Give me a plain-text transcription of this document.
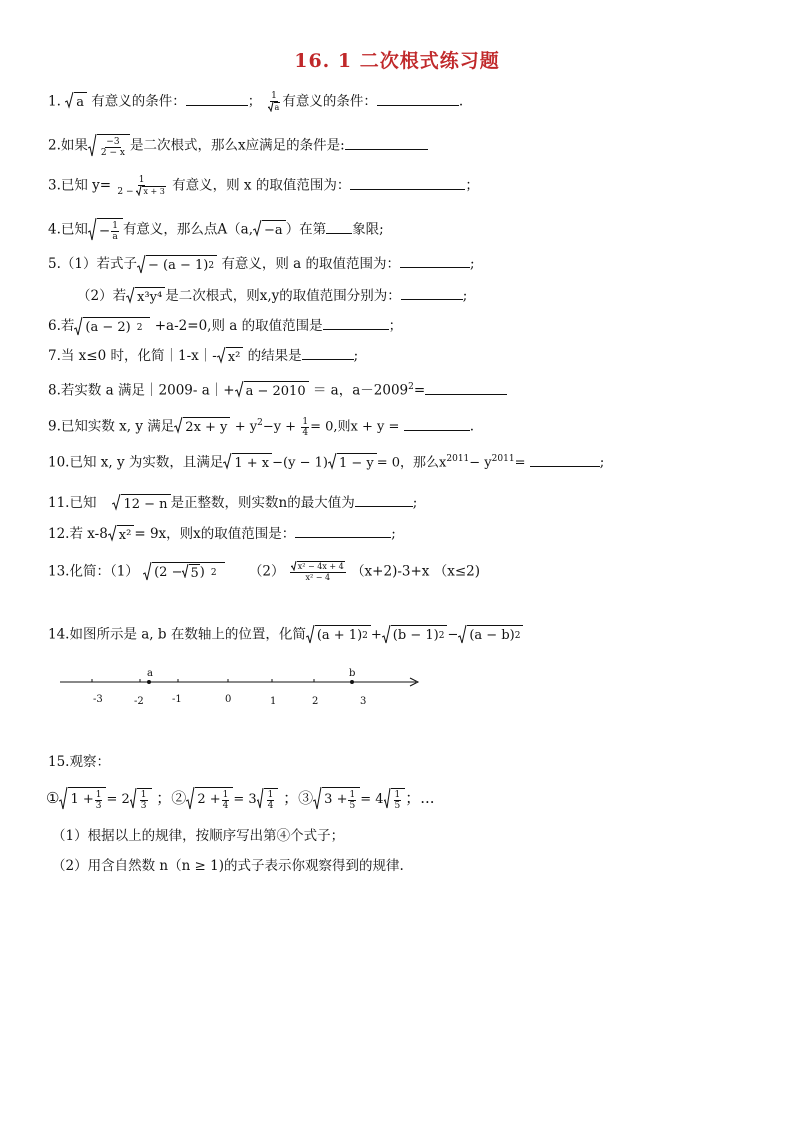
16. 1 二次根式练习题
1. a 有意义的条件：	； $\frac{1}{a}$ 有意义的条件：	.
2.如果 $\frac{-3}{2 - x}$ 是二次根式，那么x应满足的条件是:
3.已知 $y= \frac{1}{2 - x + 3}$ 有意义，则 x 的取值范围为：	；
4.已知 − $\frac{1}{a}$ 有意义，那么点A（a, −a ）在第 象限;
5.（1）若式子 − (a − 1) 2 有意义，则 a 的取值范围为：	;
（2）若 x³y⁴ 是二次根式，则x,y的取值范围分别为：	;
6.若 (a − 2) 2 +a-2=0,则 a 的取值范围是	；
7.当 x≤0 时，化简｜1-x｜- x² 的结果是	;
8.若实数 a 满足｜2009- a｜+ a − 2010 ＝ a，$a-2009^2=$
9.已知实数 x, y 满足 $2x + y + y^2-y + \frac{1}{4} = 0$,则x + y =	.
10.已知 x, y 为实数，且满足 1 + x −(y − 1) 1 − y = 0，那么$x^{2011}- y^{2011}=$	;
11.已知 12 − n 是正整数，则实数n的最大值为	;
12.若 x-8 x² = 9x，则x的取值范围是：	;
13.化简：（1） (2 − 5 ) 2 $(2) \frac{\text{x² − 4x + 4}}{\text{x² − 4}} (x+2)-3+x$ （x≤2)
14.如图所示是 a, b 在数轴上的位置，化简 (a + 1) 2 + (b − 1) 2 − (a − b) 2
a	b
-3	-2	-1	0	1	2	3
15.观察：
① $1 + \frac{1}{3} = 2 \frac{1}{3}$ ；② $2 + \frac{1}{4} = 3 \frac{1}{4}$ ；③ $3 + \frac{1}{5} = 4 \frac{1}{5}$ ；...
（1）根据以上的规律，按顺序写出第④个式子；
（2）用含自然数 n（n ≥ 1)的式子表示你观察得到的规律.
